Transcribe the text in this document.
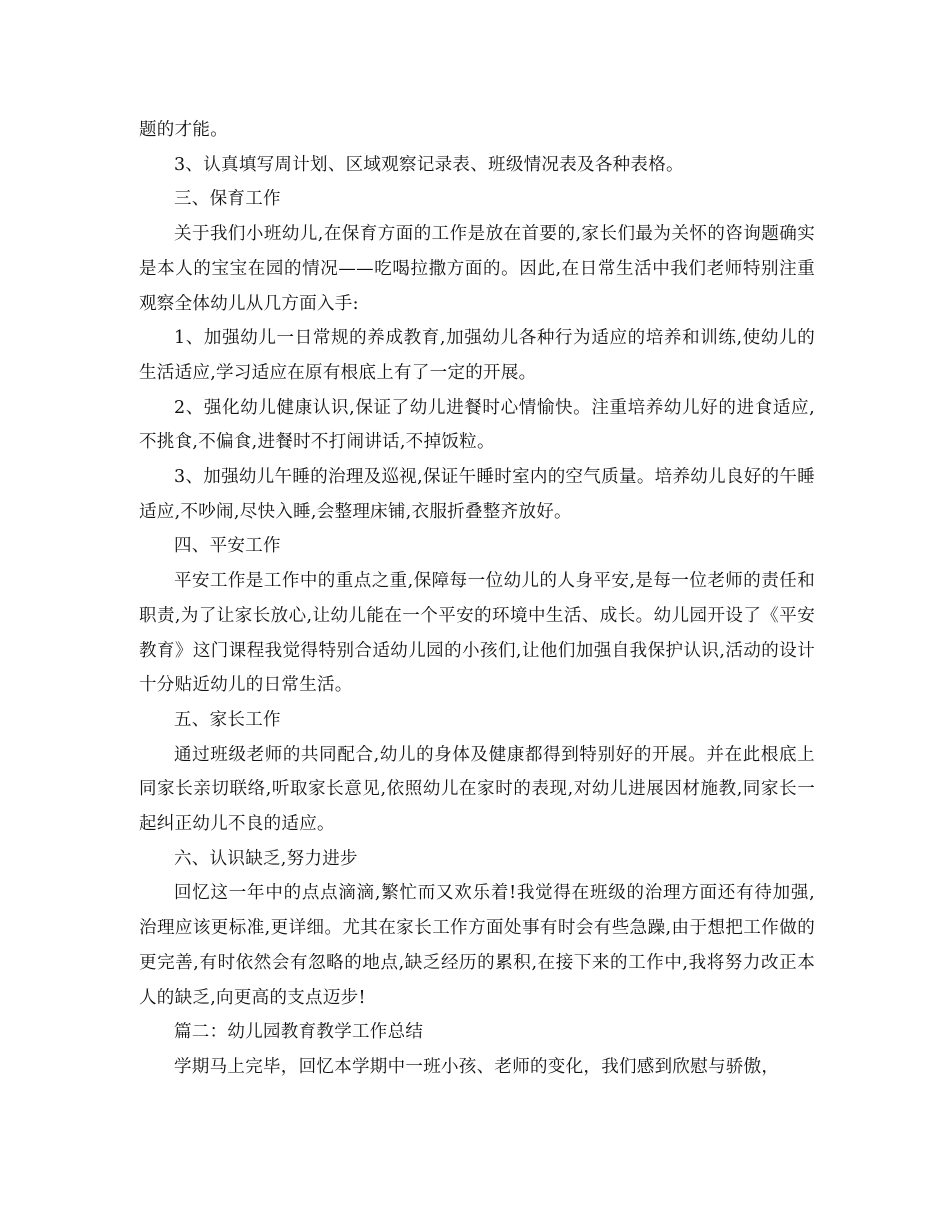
题的才能。

3、认真填写周计划、区域观察记录表、班级情况表及各种表格。

三、保育工作

关于我们小班幼儿,在保育方面的工作是放在首要的,家长们最为关怀的咨询题确实是本人的宝宝在园的情况——吃喝拉撒方面的。因此,在日常生活中我们老师特别注重观察全体幼儿从几方面入手:

1、加强幼儿一日常规的养成教育,加强幼儿各种行为适应的培养和训练,使幼儿的生活适应,学习适应在原有根底上有了一定的开展。

2、强化幼儿健康认识,保证了幼儿进餐时心情愉快。注重培养幼儿好的进食适应,不挑食,不偏食,进餐时不打闹讲话,不掉饭粒。

3、加强幼儿午睡的治理及巡视,保证午睡时室内的空气质量。培养幼儿良好的午睡适应,不吵闹,尽快入睡,会整理床铺,衣服折叠整齐放好。

四、平安工作

平安工作是工作中的重点之重,保障每一位幼儿的人身平安,是每一位老师的责任和职责,为了让家长放心,让幼儿能在一个平安的环境中生活、成长。幼儿园开设了《平安教育》这门课程我觉得特别合适幼儿园的小孩们,让他们加强自我保护认识,活动的设计十分贴近幼儿的日常生活。

五、家长工作

通过班级老师的共同配合,幼儿的身体及健康都得到特别好的开展。并在此根底上同家长亲切联络,听取家长意见,依照幼儿在家时的表现,对幼儿进展因材施教,同家长一起纠正幼儿不良的适应。

六、认识缺乏,努力进步

回忆这一年中的点点滴滴,繁忙而又欢乐着!我觉得在班级的治理方面还有待加强,治理应该更标准,更详细。尤其在家长工作方面处事有时会有些急躁,由于想把工作做的更完善,有时依然会有忽略的地点,缺乏经历的累积,在接下来的工作中,我将努力改正本人的缺乏,向更高的支点迈步!

篇二：幼儿园教育教学工作总结

学期马上完毕，回忆本学期中一班小孩、老师的变化，我们感到欣慰与骄傲，
